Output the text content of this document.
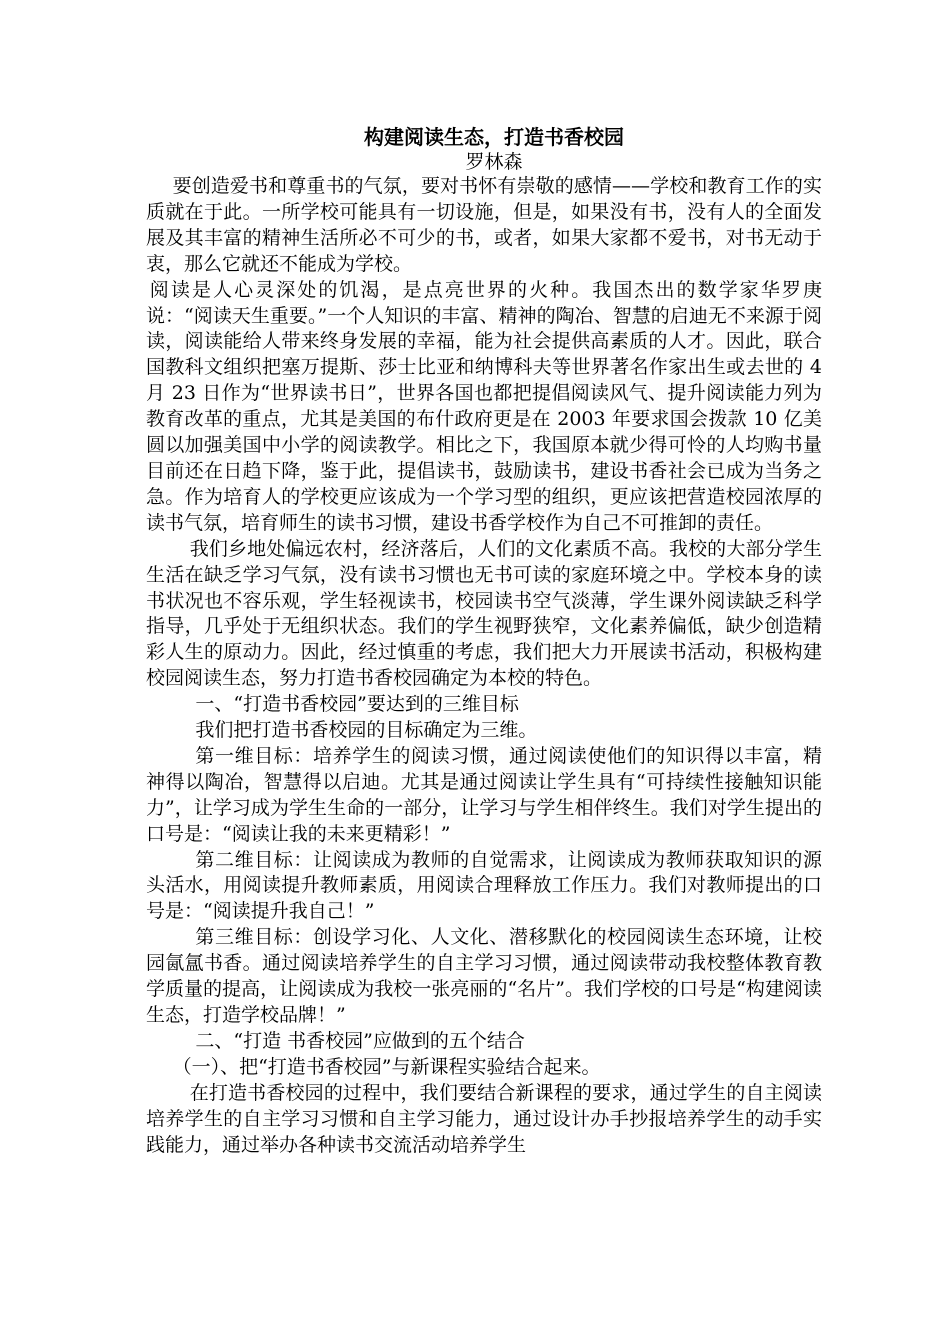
构建阅读生态，打造书香校园

罗林森

要创造爱书和尊重书的气氛，要对书怀有崇敬的感情——学校和教育工作的实质就在于此。一所学校可能具有一切设施，但是，如果没有书，没有人的全面发展及其丰富的精神生活所必不可少的书，或者，如果大家都不爱书，对书无动于衷，那么它就还不能成为学校。

阅读是人心灵深处的饥渴，是点亮世界的火种。我国杰出的数学家华罗庚说：“阅读天生重要。”一个人知识的丰富、精神的陶冶、智慧的启迪无不来源于阅读，阅读能给人带来终身发展的幸福，能为社会提供高素质的人才。因此，联合国教科文组织把塞万提斯、莎士比亚和纳博科夫等世界著名作家出生或去世的 4 月 23 日作为“世界读书日”，世界各国也都把提倡阅读风气、提升阅读能力列为教育改革的重点，尤其是美国的布什政府更是在 2003 年要求国会拨款 10 亿美圆以加强美国中小学的阅读教学。相比之下，我国原本就少得可怜的人均购书量目前还在日趋下降，鉴于此，提倡读书，鼓励读书，建设书香社会已成为当务之急。作为培育人的学校更应该成为一个学习型的组织，更应该把营造校园浓厚的读书气氛，培育师生的读书习惯，建设书香学校作为自己不可推卸的责任。

我们乡地处偏远农村，经济落后，人们的文化素质不高。我校的大部分学生生活在缺乏学习气氛，没有读书习惯也无书可读的家庭环境之中。学校本身的读书状况也不容乐观，学生轻视读书，校园读书空气淡薄，学生课外阅读缺乏科学指导，几乎处于无组织状态。我们的学生视野狭窄，文化素养偏低，缺少创造精彩人生的原动力。因此，经过慎重的考虑，我们把大力开展读书活动，积极构建校园阅读生态，努力打造书香校园确定为本校的特色。

一、“打造书香校园”要达到的三维目标

我们把打造书香校园的目标确定为三维。

第一维目标：培养学生的阅读习惯，通过阅读使他们的知识得以丰富，精神得以陶冶，智慧得以启迪。尤其是通过阅读让学生具有“可持续性接触知识能力”，让学习成为学生生命的一部分，让学习与学生相伴终生。我们对学生提出的口号是：“阅读让我的未来更精彩！”

第二维目标：让阅读成为教师的自觉需求，让阅读成为教师获取知识的源头活水，用阅读提升教师素质，用阅读合理释放工作压力。我们对教师提出的口号是：“阅读提升我自己！”

第三维目标：创设学习化、人文化、潜移默化的校园阅读生态环境，让校园氤氲书香。通过阅读培养学生的自主学习习惯，通过阅读带动我校整体教育教学质量的提高，让阅读成为我校一张亮丽的“名片”。我们学校的口号是“构建阅读生态，打造学校品牌！”

二、“打造 书香校园”应做到的五个结合

（一）、把“打造书香校园”与新课程实验结合起来。

在打造书香校园的过程中，我们要结合新课程的要求，通过学生的自主阅读培养学生的自主学习习惯和自主学习能力，通过设计办手抄报培养学生的动手实践能力，通过举办各种读书交流活动培养学生
